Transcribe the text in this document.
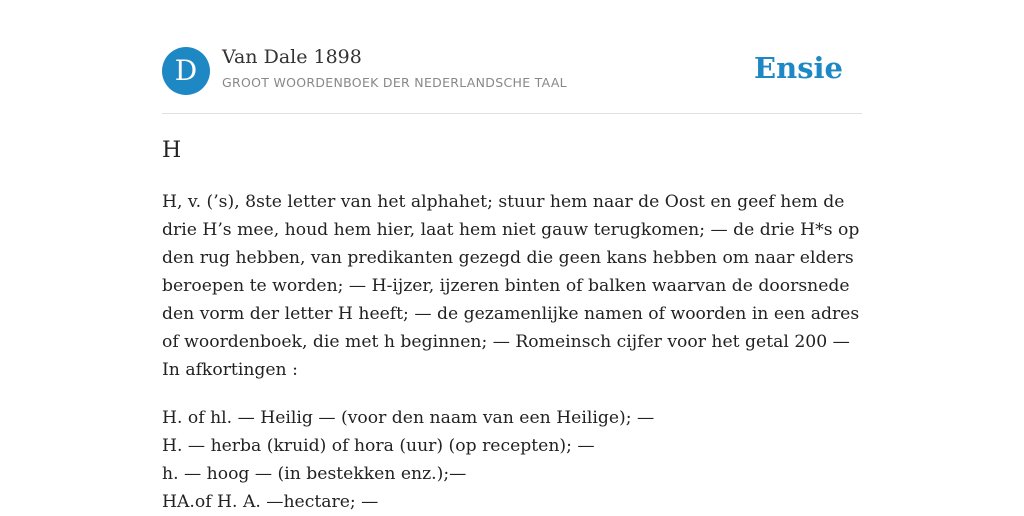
D	Van Dale 1898
GROOT WOORDENBOEK DER NEDERLANDSCHE TAAL	Ensie
H

H, v. (’s), 8ste letter van het alphahet; stuur hem naar de Oost en geef hem de drie H’s mee, houd hem hier, laat hem niet gauw terugkomen; — de drie H*s op den rug hebben, van predikanten gezegd die geen kans hebben om naar elders beroepen te worden; — H-ijzer, ijzeren binten of balken waarvan de doorsnede den vorm der letter H heeft; — de gezamenlijke namen of woorden in een adres of woordenboek, die met h beginnen; — Romeinsch cijfer voor het getal 200 — In afkortingen :

H. of hl. — Heilig — (voor den naam van een Heilige); —
H. — herba (kruid) of hora (uur) (op recepten); —
h. — hoog — (in bestekken enz.);—
HA.of H. A. —hectare; —
